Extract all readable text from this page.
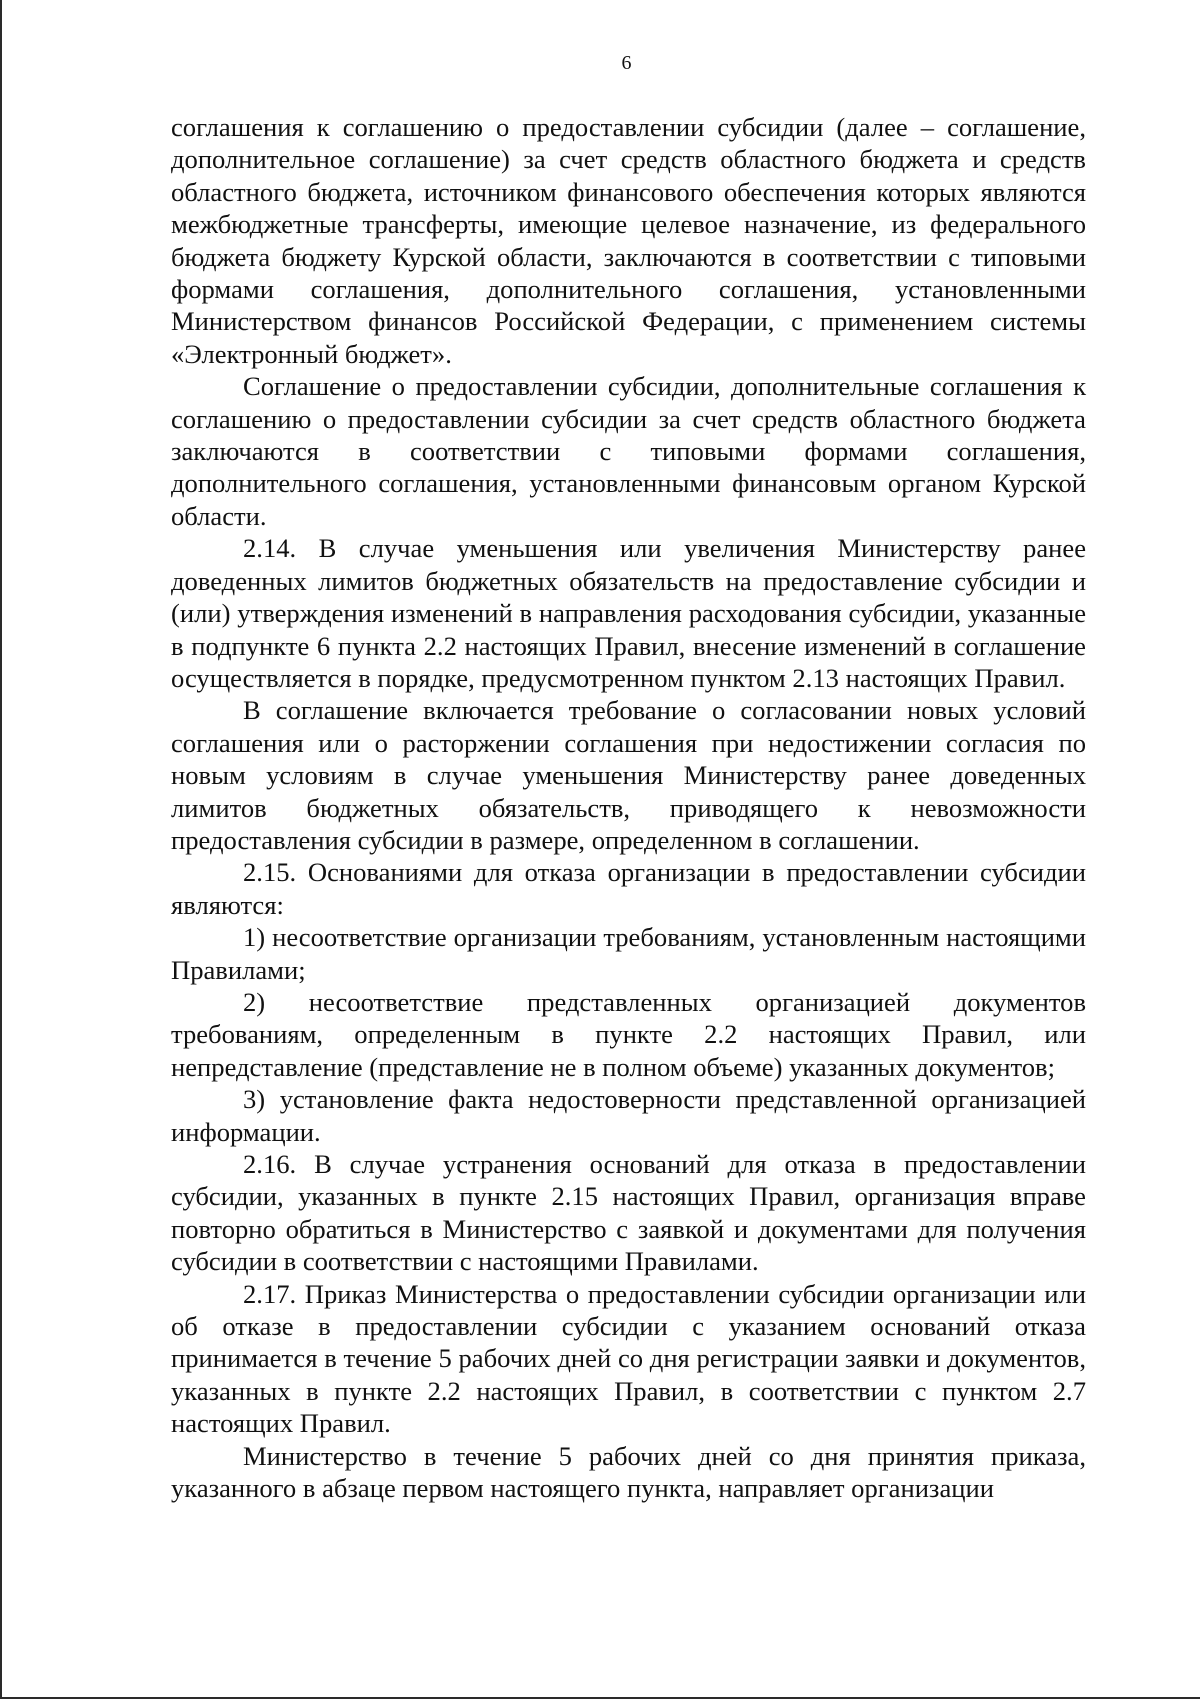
6

соглашения к соглашению о предоставлении субсидии (далее – соглашение, дополнительное соглашение) за счет средств областного бюджета и средств областного бюджета, источником финансового обеспечения которых являются межбюджетные трансферты, имеющие целевое назначение, из федерального бюджета бюджету Курской области, заключаются в соответствии с типовыми формами соглашения, дополнительного соглашения, установленными Министерством финансов Российской Федерации, с применением системы «Электронный бюджет».

Соглашение о предоставлении субсидии, дополнительные соглашения к соглашению о предоставлении субсидии за счет средств областного бюджета заключаются в соответствии с типовыми формами соглашения, дополнительного соглашения, установленными финансовым органом Курской области.

2.14. В случае уменьшения или увеличения Министерству ранее доведенных лимитов бюджетных обязательств на предоставление субсидии и (или) утверждения изменений в направления расходования субсидии, указанные в подпункте 6 пункта 2.2 настоящих Правил, внесение изменений в соглашение осуществляется в порядке, предусмотренном пунктом 2.13 настоящих Правил.

В соглашение включается требование о согласовании новых условий соглашения или о расторжении соглашения при недостижении согласия по новым условиям в случае уменьшения Министерству ранее доведенных лимитов бюджетных обязательств, приводящего к невозможности предоставления субсидии в размере, определенном в соглашении.

2.15. Основаниями для отказа организации в предоставлении субсидии являются:

1) несоответствие организации требованиям, установленным настоящими Правилами;

2) несоответствие представленных организацией документов требованиям, определенным в пункте 2.2 настоящих Правил, или непредставление (представление не в полном объеме) указанных документов;

3) установление факта недостоверности представленной организацией информации.

2.16. В случае устранения оснований для отказа в предоставлении субсидии, указанных в пункте 2.15 настоящих Правил, организация вправе повторно обратиться в Министерство с заявкой и документами для получения субсидии в соответствии с настоящими Правилами.

2.17. Приказ Министерства о предоставлении субсидии организации или об отказе в предоставлении субсидии с указанием оснований отказа принимается в течение 5 рабочих дней со дня регистрации заявки и документов, указанных в пункте 2.2 настоящих Правил, в соответствии с пунктом 2.7 настоящих Правил.

Министерство в течение 5 рабочих дней со дня принятия приказа, указанного в абзаце первом настоящего пункта, направляет организации
